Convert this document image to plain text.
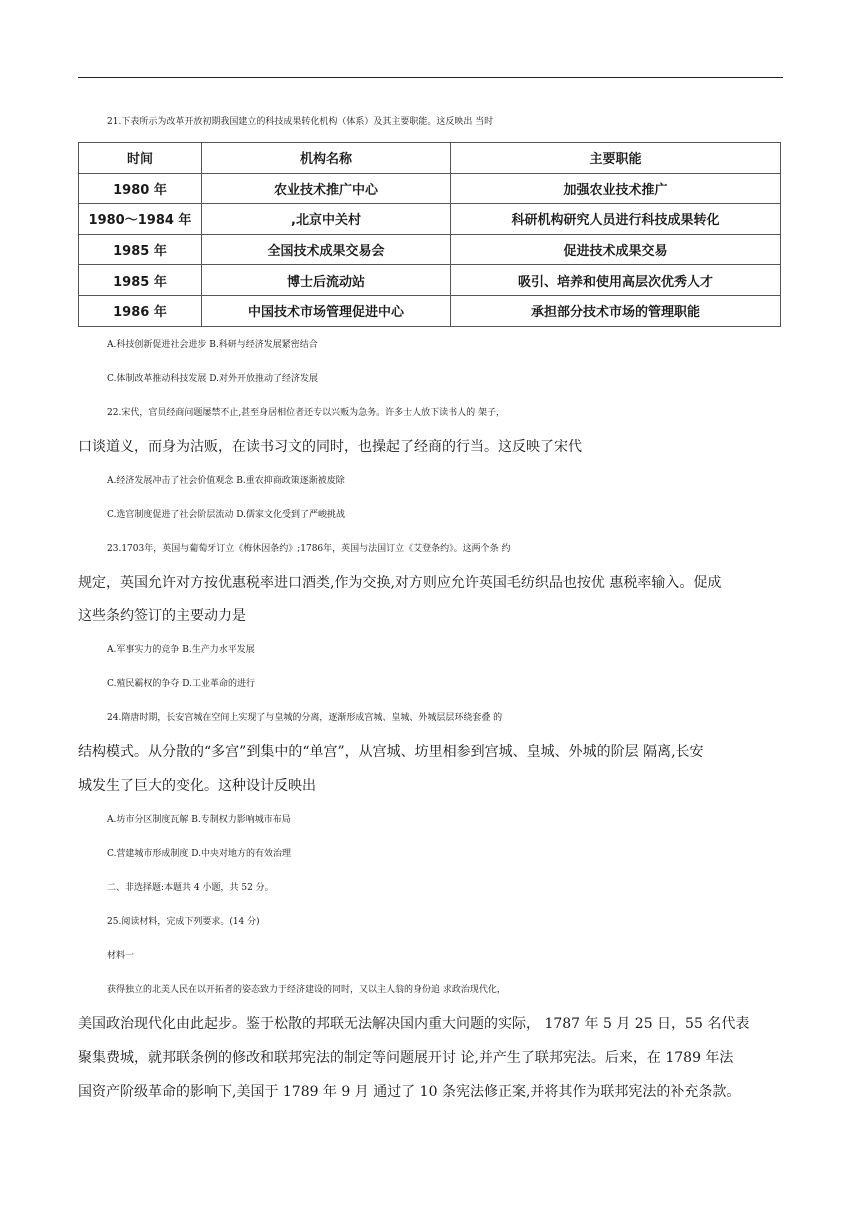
21.下表所示为改革开放初期我国建立的科技成果转化机构（体系）及其主要职能。这反映出 当时
时间	机构名称	主要职能
1980 年	农业技术推广中心	加强农业技术推广
1980～1984 年	,北京中关村	科研机构研究人员进行科技成果转化
1985 年	全国技术成果交易会	促进技术成果交易
1985 年	博士后流动站	吸引、培养和使用高层次优秀人才
1986 年	中国技术市场管理促进中心	承担部分技术市场的管理职能
A.科技创新促进社会进步 B.科研与经济发展紧密结合
C.体制改革推动科技发展 D.对外开放推动了经济发展
22.宋代，官员经商问题屡禁不止,甚至身居相位者还专以兴贩为急务。许多士人放下读书人的 架子，
口谈道义，而身为沽贩，在读书习文的同时，也操起了经商的行当。这反映了宋代
A.经济发展冲击了社会价值观念 B.重农抑商政策逐渐被废除
C.选官制度促进了社会阶层流动 D.儒家文化受到了严峻挑战
23.1703年，英国与葡萄牙订立《梅休因条约》;1786年，英国与法国订立《艾登条约》。这两个条 约
规定，英国允许对方按优惠税率进口酒类,作为交换,对方则应允许英国毛纺织品也按优 惠税率输入。促成
这些条约签订的主要动力是
A.军事实力的竞争 B.生产力水平发展
C.殖民霸权的争夺 D.工业革命的进行
24.隋唐时期，长安宫城在空间上实现了与皇城的分离，逐渐形成宫城、皇城、外城层层环绕套叠 的
结构模式。从分散的“多宫”到集中的“单宫”，从宫城、坊里相参到宫城、皇城、外城的阶层 隔离,长安
城发生了巨大的变化。这种设计反映出
A.坊市分区制度瓦解 B.专制权力影响城市布局
C.营建城市形成制度 D.中央对地方的有效治理
二、非选择题:本题共 4 小题，共 52 分。
25.阅读材料，完成下列要求。(14 分)
材料一
获得独立的北美人民在以开拓者的姿态致力于经济建设的同时，又以主人翁的身份追 求政治现代化，
美国政治现代化由此起步。鉴于松散的邦联无法解决国内重大问题的实际， 1787 年 5 月 25 日，55 名代表
聚集费城，就邦联条例的修改和联邦宪法的制定等问题展开讨 论,并产生了联邦宪法。后来，在 1789 年法
国资产阶级革命的影响下,美国于 1789 年 9 月 通过了 10 条宪法修正案,并将其作为联邦宪法的补充条款。
